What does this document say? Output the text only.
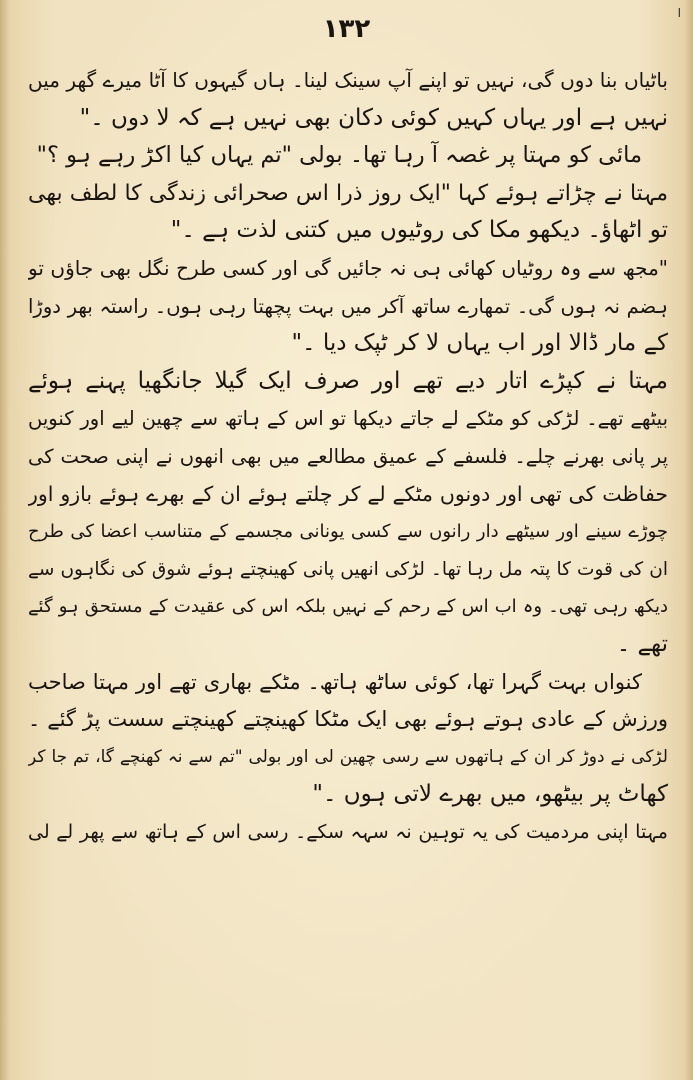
۱۳۲
ا
باٹیاں بنا دوں گی، نہیں تو اپنے آپ سینک لینا۔ ہاں گیہوں کا آٹا میرے گھر میں
نہیں ہے اور یہاں کہیں کوئی دکان بھی نہیں ہے کہ لا دوں ۔"
مائی کو مہتا پر غصہ آ رہا تھا۔ بولی "تم یہاں کیا اکڑ رہے ہو ؟"
مہتا نے چڑاتے ہوئے کہا "ایک روز ذرا اس صحرائی زندگی کا لطف بھی
تو اٹھاؤ۔ دیکھو مکا کی روٹیوں میں کتنی لذت ہے ۔"
"مجھ سے وہ روٹیاں کھائی ہی نہ جائیں گی اور کسی طرح نگل بھی جاؤں تو
ہضم نہ ہوں گی۔ تمھارے ساتھ آکر میں بہت پچھتا رہی ہوں۔ راستہ بھر دوڑا
کے مار ڈالا اور اب یہاں لا کر ٹپک دیا ۔"
مہتا نے کپڑے اتار دیے تھے اور صرف ایک گیلا جانگھیا پہنے ہوئے
بیٹھے تھے۔ لڑکی کو مٹکے لے جاتے دیکھا تو اس کے ہاتھ سے چھین لیے اور کنویں
پر پانی بھرنے چلے۔ فلسفے کے عمیق مطالعے میں بھی انھوں نے اپنی صحت کی
حفاظت کی تھی اور دونوں مٹکے لے کر چلتے ہوئے ان کے بھرے ہوئے بازو اور
چوڑے سینے اور سیٹھے دار رانوں سے کسی یونانی مجسمے کے متناسب اعضا کی طرح
ان کی قوت کا پتہ مل رہا تھا۔ لڑکی انھیں پانی کھینچتے ہوئے شوق کی نگاہوں سے
دیکھ رہی تھی۔ وہ اب اس کے رحم کے نہیں بلکہ اس کی عقیدت کے مستحق ہو گئے
تھے ۔
کنواں بہت گہرا تھا، کوئی ساٹھ ہاتھ۔ مٹکے بھاری تھے اور مہتا صاحب
ورزش کے عادی ہوتے ہوئے بھی ایک مٹکا کھینچتے کھینچتے سست پڑ گئے ۔
لڑکی نے دوڑ کر ان کے ہاتھوں سے رسی چھین لی اور بولی "تم سے نہ کھنچے گا، تم جا کر
کھاٹ پر بیٹھو، میں بھرے لاتی ہوں ۔"
مہتا اپنی مردمیت کی یہ توہین نہ سہہ سکے۔ رسی اس کے ہاتھ سے پھر لے لی
